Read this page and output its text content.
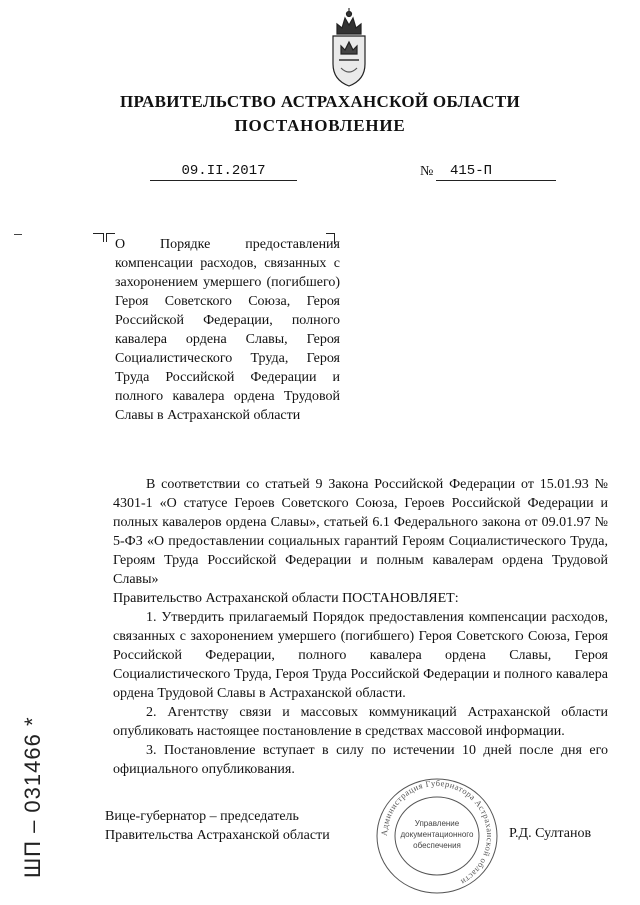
ПРАВИТЕЛЬСТВО АСТРАХАНСКОЙ ОБЛАСТИ
ПОСТАНОВЛЕНИЕ
09.II.2017	№	415-П
О Порядке предоставления компенсации расходов, связанных с захоронением умершего (погибшего) Героя Советского Союза, Героя Российской Федерации, полного кавалера ордена Славы, Героя Социалистического Труда, Героя Труда Российской Федерации и полного кавалера ордена Трудовой Славы в Астраханской области

В соответствии со статьей 9 Закона Российской Федерации от 15.01.93 № 4301-1 «О статусе Героев Советского Союза, Героев Российской Федерации и полных кавалеров ордена Славы», статьей 6.1 Федерального закона от 09.01.97 № 5-ФЗ «О предоставлении социальных гарантий Героям Социалистического Труда, Героям Труда Российской Федерации и полным кавалерам ордена Трудовой Славы»

Правительство Астраханской области ПОСТАНОВЛЯЕТ:

1. Утвердить прилагаемый Порядок предоставления компенсации расходов, связанных с захоронением умершего (погибшего) Героя Советского Союза, Героя Российской Федерации, полного кавалера ордена Славы, Героя Социалистического Труда, Героя Труда Российской Федерации и полного кавалера ордена Трудовой Славы в Астраханской области.

2. Агентству связи и массовых коммуникаций Астраханской области опубликовать настоящее постановление в средствах массовой информации.

3. Постановление вступает в силу по истечении 10 дней после дня его официального опубликования.

Вице-губернатор – председатель
Правительства Астраханской области	Р.Д. Султанов
Администрация Губернатора Астраханской области
Управление
документационного
обеспечения
ШП – 031466 *
